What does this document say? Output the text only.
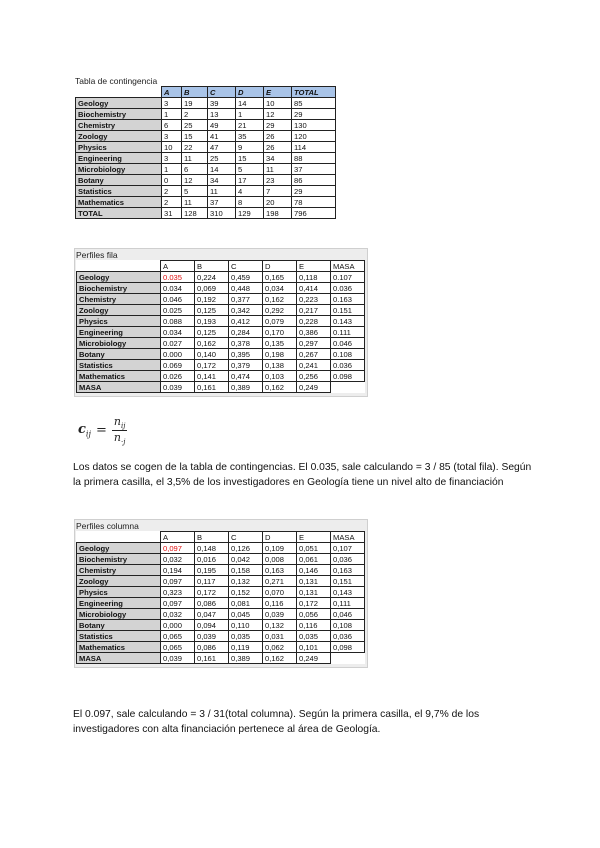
Tabla de contingencia
	A	B	C	D	E	TOTAL
Geology	3	19	39	14	10	85
Biochemistry	1	2	13	1	12	29
Chemistry	6	25	49	21	29	130
Zoology	3	15	41	35	26	120
Physics	10	22	47	9	26	114
Engineering	3	11	25	15	34	88
Microbiology	1	6	14	5	11	37
Botany	0	12	34	17	23	86
Statistics	2	5	11	4	7	29
Mathematics	2	11	37	8	20	78
TOTAL	31	128	310	129	198	796
Perfiles fila
	A	B	C	D	E	MASA
Geology	0.035	0,224	0,459	0,165	0,118	0.107
Biochemistry	0.034	0,069	0,448	0,034	0,414	0.036
Chemistry	0.046	0,192	0,377	0,162	0,223	0.163
Zoology	0.025	0,125	0,342	0,292	0,217	0.151
Physics	0.088	0,193	0,412	0,079	0,228	0.143
Engineering	0.034	0,125	0,284	0,170	0,386	0.111
Microbiology	0.027	0,162	0,378	0,135	0,297	0.046
Botany	0.000	0,140	0,395	0,198	0,267	0.108
Statistics	0.069	0,172	0,379	0,138	0,241	0.036
Mathematics	0.026	0,141	0,474	0,103	0,256	0.098
MASA	0.039	0,161	0,389	0,162	0,249	
$c_{ij} = \frac{n_{ij}}{n_{\cdot j}}$
Los datos se cogen de la tabla de contingencias. El 0.035, sale calculando = 3 / 85 (total fila). Según la primera casilla, el 3,5% de los investigadores en Geología tiene un nivel alto de financiación
Perfiles columna
	A	B	C	D	E	MASA
Geology	0,097	0,148	0,126	0,109	0,051	0,107
Biochemistry	0,032	0,016	0,042	0,008	0,061	0,036
Chemistry	0,194	0,195	0,158	0,163	0,146	0,163
Zoology	0,097	0,117	0,132	0,271	0,131	0,151
Physics	0,323	0,172	0,152	0,070	0,131	0,143
Engineering	0,097	0,086	0,081	0,116	0,172	0,111
Microbiology	0,032	0,047	0,045	0,039	0,056	0,046
Botany	0,000	0,094	0,110	0,132	0,116	0,108
Statistics	0,065	0,039	0,035	0,031	0,035	0,036
Mathematics	0,065	0,086	0,119	0,062	0,101	0,098
MASA	0,039	0,161	0,389	0,162	0,249	
El 0.097, sale calculando = 3 / 31(total columna). Según la primera casilla, el 9,7% de los investigadores con alta financiación pertenece al área de Geología.
